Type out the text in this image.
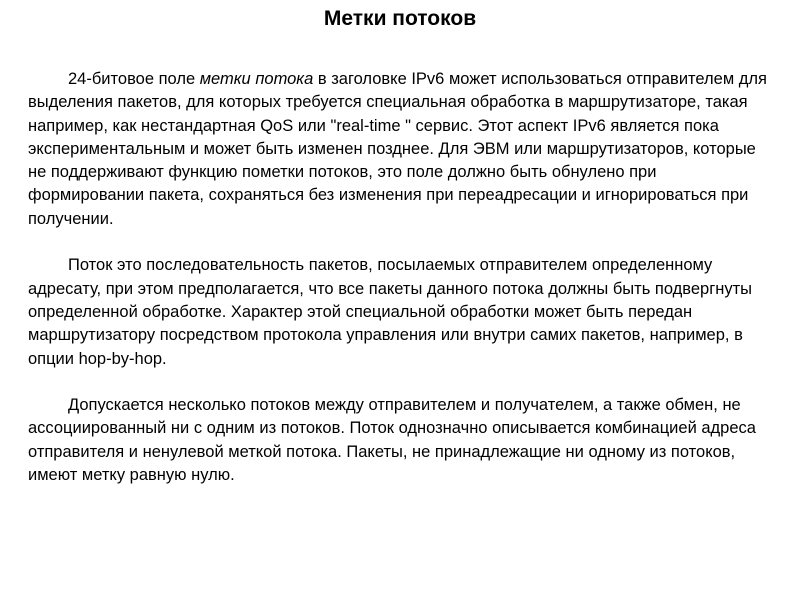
Метки потоков

24-битовое поле метки потока в заголовке IPv6 может использоваться отправителем для выделения пакетов, для которых требуется специальная обработка в маршрутизаторе, такая например, как нестандартная QoS или "real-time " сервис. Этот аспект IPv6 является пока экспериментальным и может быть изменен позднее. Для ЭВМ или маршрутизаторов, которые не поддерживают функцию пометки потоков, это поле должно быть обнулено при формировании пакета, сохраняться без изменения при переадресации и игнорироваться при получении.

Поток это последовательность пакетов, посылаемых отправителем определенному адресату, при этом предполагается, что все пакеты данного потока должны быть подвергнуты определенной обработке. Характер этой специальной обработки может быть передан маршрутизатору посредством протокола управления или внутри самих пакетов, например, в опции hop-by-hop.

Допускается несколько потоков между отправителем и получателем, а также обмен, не ассоциированный ни с одним из потоков. Поток однозначно описывается комбинацией адреса отправителя и ненулевой меткой потока. Пакеты, не принадлежащие ни одному из потоков, имеют метку равную нулю.
